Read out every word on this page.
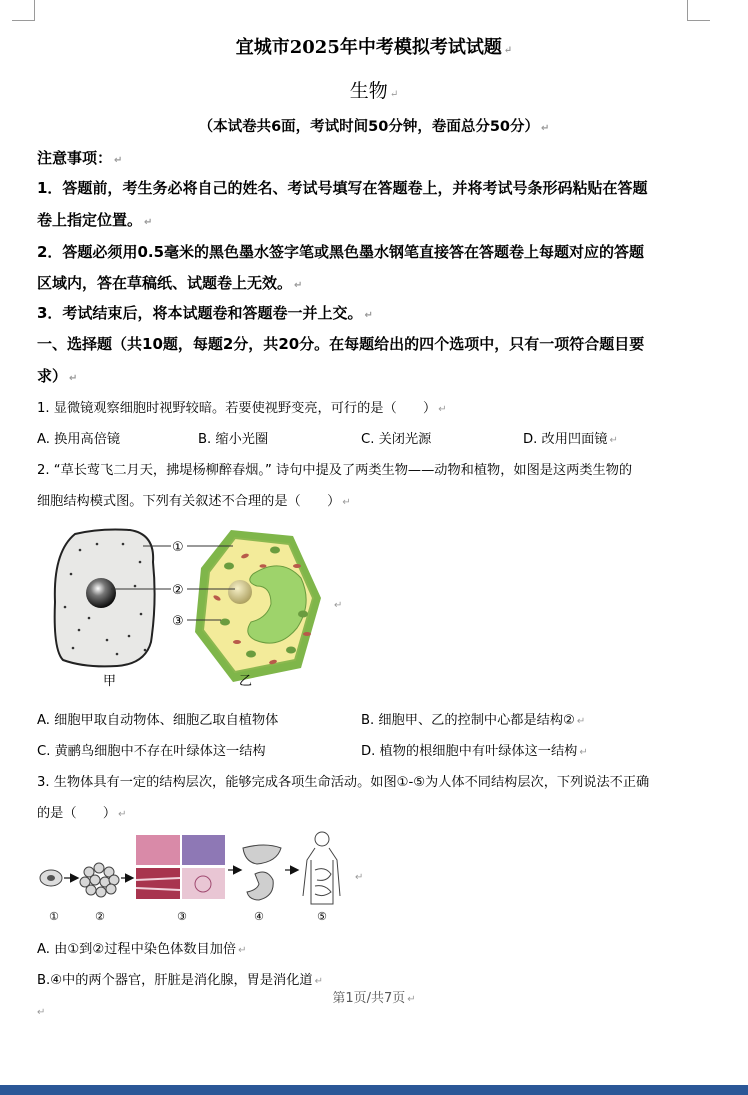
宜城市2025年中考模拟考试试题 ↵
生物 ↵
（本试卷共6面，考试时间50分钟，卷面总分50分） ↵
注意事项： ↵
1．答题前，考生务必将自己的姓名、考试号填写在答题卷上，并将考试号条形码粘贴在答题
卷上指定位置。 ↵
2．答题必须用0.5毫米的黑色墨水签字笔或黑色墨水钢笔直接答在答题卷上每题对应的答题
区域内，答在草稿纸、试题卷上无效。 ↵
3．考试结束后，将本试题卷和答题卷一并上交。 ↵
一、选择题（共10题，每题2分，共20分。在每题给出的四个选项中，只有一项符合题目要
求） ↵
1. 显微镜观察细胞时视野较暗。若要使视野变亮，可行的是（　　） ↵
A. 换用高倍镜	B. 缩小光圈	C. 关闭光源	D. 改用凹面镜 ↵
2. “草长莺飞二月天，拂堤杨柳醉春烟。” 诗句中提及了两类生物——动物和植物，如图是这两类生物的
细胞结构模式图。下列有关叙述不合理的是（　　） ↵
①
②
③
甲	乙
↵
A. 细胞甲取自动物体、细胞乙取自植物体	B. 细胞甲、乙的控制中心都是结构② ↵
C. 黄鹂鸟细胞中不存在叶绿体这一结构	D. 植物的根细胞中有叶绿体这一结构 ↵
3. 生物体具有一定的结构层次，能够完成各项生命活动。如图①-⑤为人体不同结构层次，下列说法不正确
的是（　　） ↵
①	②	③	④	⑤
↵
A. 由①到②过程中染色体数目加倍 ↵
B.④中的两个器官，肝脏是消化腺，胃是消化道 ↵
第1页/共7页 ↵
↵
